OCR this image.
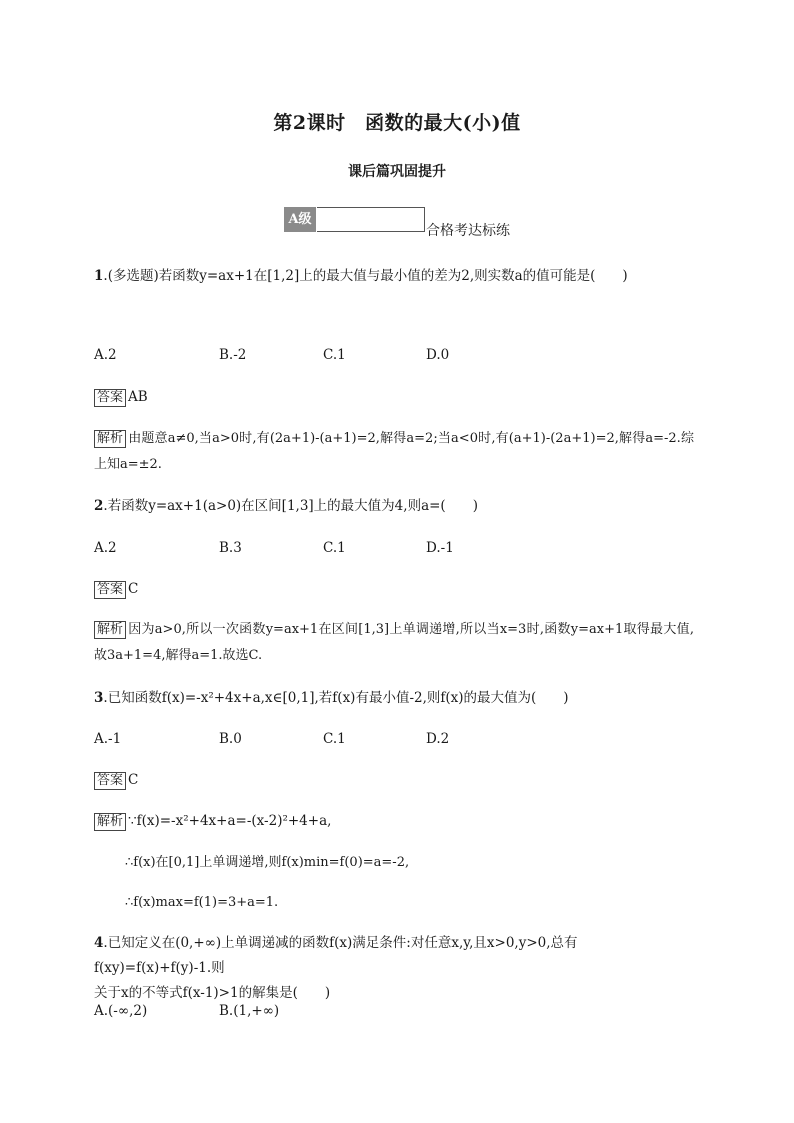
第2课时　函数的最大(小)值
课后篇巩固提升
A级
合格考达标练
1.(多选题)若函数y=ax+1在[1,2]上的最大值与最小值的差为2,则实数a的值可能是(　　)
A.2	B.-2	C.1	D.0
答案 AB
解析 由题意a≠0,当a>0时,有(2a+1)-(a+1)=2,解得a=2;当a<0时,有(a+1)-(2a+1)=2,解得a=-2.综上知a=±2.
2.若函数y=ax+1(a>0)在区间[1,3]上的最大值为4,则a=(　　)
A.2	B.3	C.1	D.-1
答案 C
解析 因为a>0,所以一次函数y=ax+1在区间[1,3]上单调递增,所以当x=3时,函数y=ax+1取得最大值,故3a+1=4,解得a=1.故选C.
3.已知函数f(x)=-x²+4x+a,x∈[0,1],若f(x)有最小值-2,则f(x)的最大值为(　　)
A.-1	B.0	C.1	D.2
答案 C
解析 ∵f(x)=-x²+4x+a=-(x-2)²+4+a,
∴f(x)在[0,1]上单调递增,则f(x)min=f(0)=a=-2,
∴f(x)max=f(1)=3+a=1.
4.已知定义在(0,+∞)上单调递减的函数f(x)满足条件:对任意x,y,且x>0,y>0,总有f(xy)=f(x)+f(y)-1.则
关于x的不等式f(x-1)>1的解集是(　　)
A.(-∞,2)	B.(1,+∞)
